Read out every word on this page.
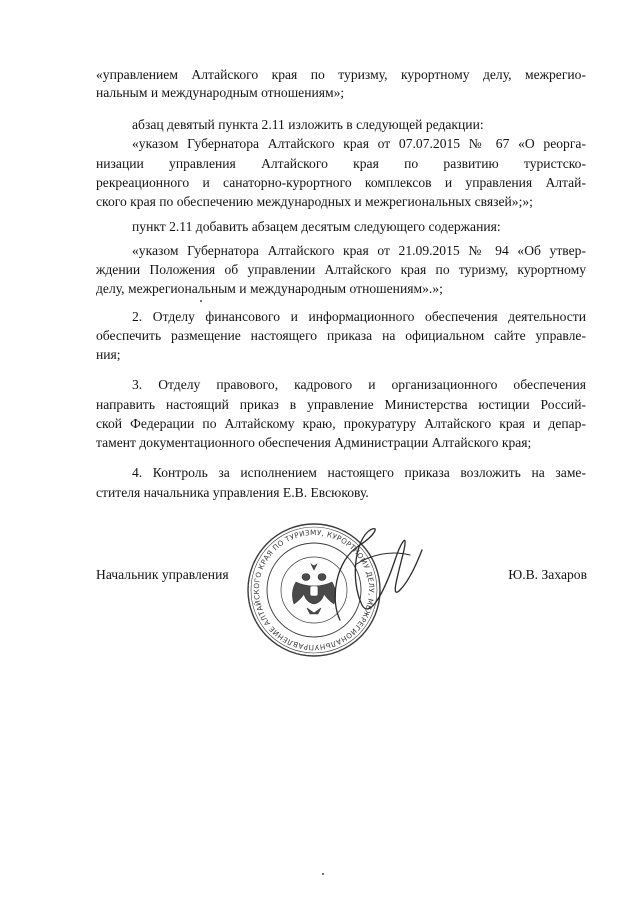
«управлением Алтайского края по туризму, курортному делу, межрегио-
нальным и международным отношениям»;
абзац девятый пункта 2.11 изложить в следующей редакции:
«указом Губернатора Алтайского края от 07.07.2015 № 67 «О реорга-
низации управления Алтайского края по развитию туристско-
рекреационного и санаторно-курортного комплексов и управления Алтай-
ского края по обеспечению международных и межрегиональных связей»;»;
пункт 2.11 добавить абзацем десятым следующего содержания:
«указом Губернатора Алтайского края от 21.09.2015 № 94 «Об утвер-
ждении Положения об управлении Алтайского края по туризму, курортному
делу, межрегиональным и международным отношениям».»;
2. Отделу финансового и информационного обеспечения деятельности
обеспечить размещение настоящего приказа на официальном сайте управле-
ния;
3. Отделу правового, кадрового и организационного обеспечения
направить настоящий приказ в управление Министерства юстиции Россий-
ской Федерации по Алтайскому краю, прокуратуру Алтайского края и депар-
тамент документационного обеспечения Администрации Алтайского края;
4. Контроль за исполнением настоящего приказа возложить на заме-
стителя начальника управления Е.В. Евсюкову.
Начальник управления	Ю.В. Захаров
УПРАВЛЕНИЕ АЛТАЙСКОГО КРАЯ ПО ТУРИЗМУ, КУРОРТНОМУ ДЕЛУ, МЕЖРЕГИОНАЛЬНЫМ
